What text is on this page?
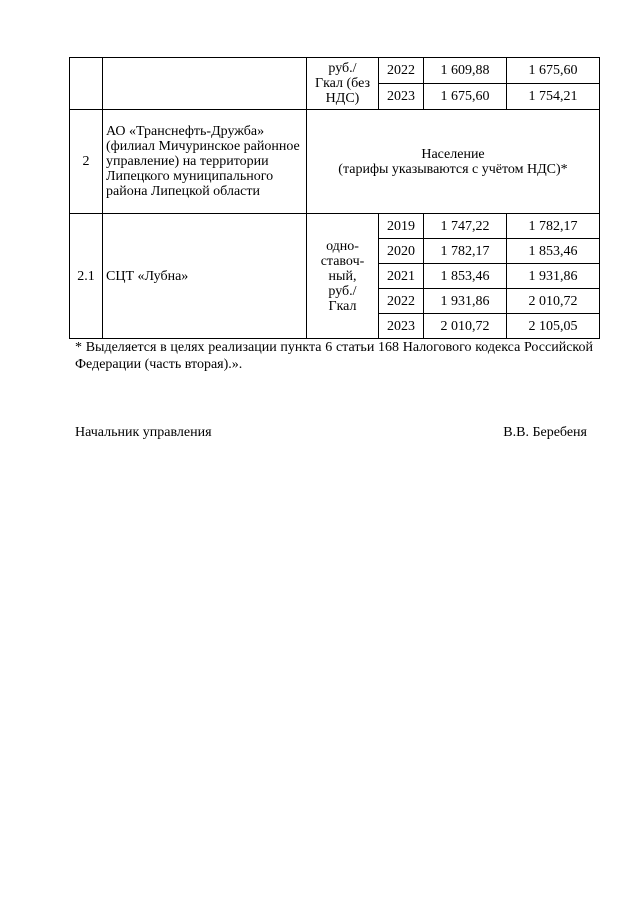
		руб./
Гкал (без
НДС)	2022	1 609,88	1 675,60
			2023	1 675,60	1 754,21
2	АО «Транснефть-Дружба» (филиал Мичуринское районное управление) на территории Липецкого муниципального района Липецкой области	Население
(тарифы указываются с учётом НДС)*			
2.1	СЦТ «Лубна»	одно-
ставоч-
ный,
руб./
Гкал	2019	1 747,22	1 782,17
			2020	1 782,17	1 853,46
			2021	1 853,46	1 931,86
			2022	1 931,86	2 010,72
			2023	2 010,72	2 105,05
* Выделяется в целях реализации пункта 6 статьи 168 Налогового кодекса Российской Федерации (часть вторая).».
Начальник управления	В.В. Беребеня
